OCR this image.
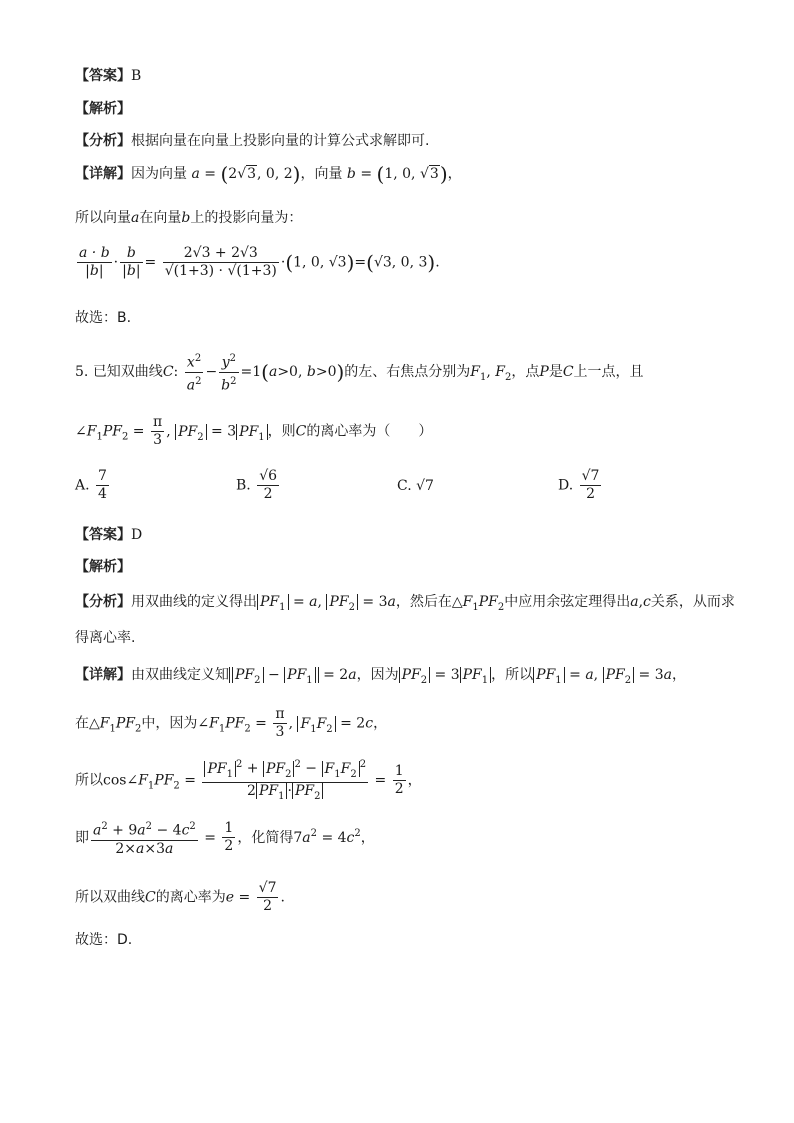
【答案】B
【解析】
【分析】根据向量在向量上投影向量的计算公式求解即可.
【详解】因为向量 a = (2√3, 0, 2)，向量 b = (1, 0, √3)，
所以向量a在向量b上的投影向量为：
$\frac{a \cdot b}{|b|} \cdot \frac{b}{|b|} = \frac{2√3 + 2√3}{√(1+3) \cdot √(1+3)} \cdot(1$, 0, √3)=(√3, 0, 3).
故选：B.
5. 已知双曲线C: $\frac{x^2}{a^2} - \frac{y^2}{b^2} =1(a>0$, b>0)的左、右焦点分别为$F_1$, $F_2$，点P是C上一点，且
$\angle F_1PF_2 = \frac{\pi}{3}$ , $PF_2 = 3$ $PF_1$ ，则C的离心率为（　　）
A. $\frac{7}{4}$	B. $\frac{√6}{2}$	C. √7	D. $\frac{√7}{2}$
【答案】D
【解析】
【分析】用双曲线的定义得出 $PF_1 = a$, $PF_2 = 3a$，然后在$\triangle F_1PF_2$中应用余弦定理得出a,c关系，从而求
得离心率.
【详解】由双曲线定义知 $PF_2 - PF_1 = 2a$，因为 $PF_2 = 3$ $PF_1$ ，所以 $PF_1 = a$, $PF_2 = 3a$，
在$\triangle F_1PF_2$中，因为$\angle F_1PF_2 = \frac{\pi}{3}$ , $F_1F_2 = 2c$，
所以$\cos\angle F_1PF_2 = \frac{PF_1^2 + PF_2^2 - F_1F_2^2}{2 PF_1 \cdot PF_2} = \frac{1}{2}$ ，
即 $\frac{a^2 + 9a^2 - 4c^2}{2\times a\times 3a} = \frac{1}{2}$ ，化简得$7a^2 = 4c^2$，
所以双曲线C的离心率为$e = \frac{√7}{2}$ .
故选：D.
